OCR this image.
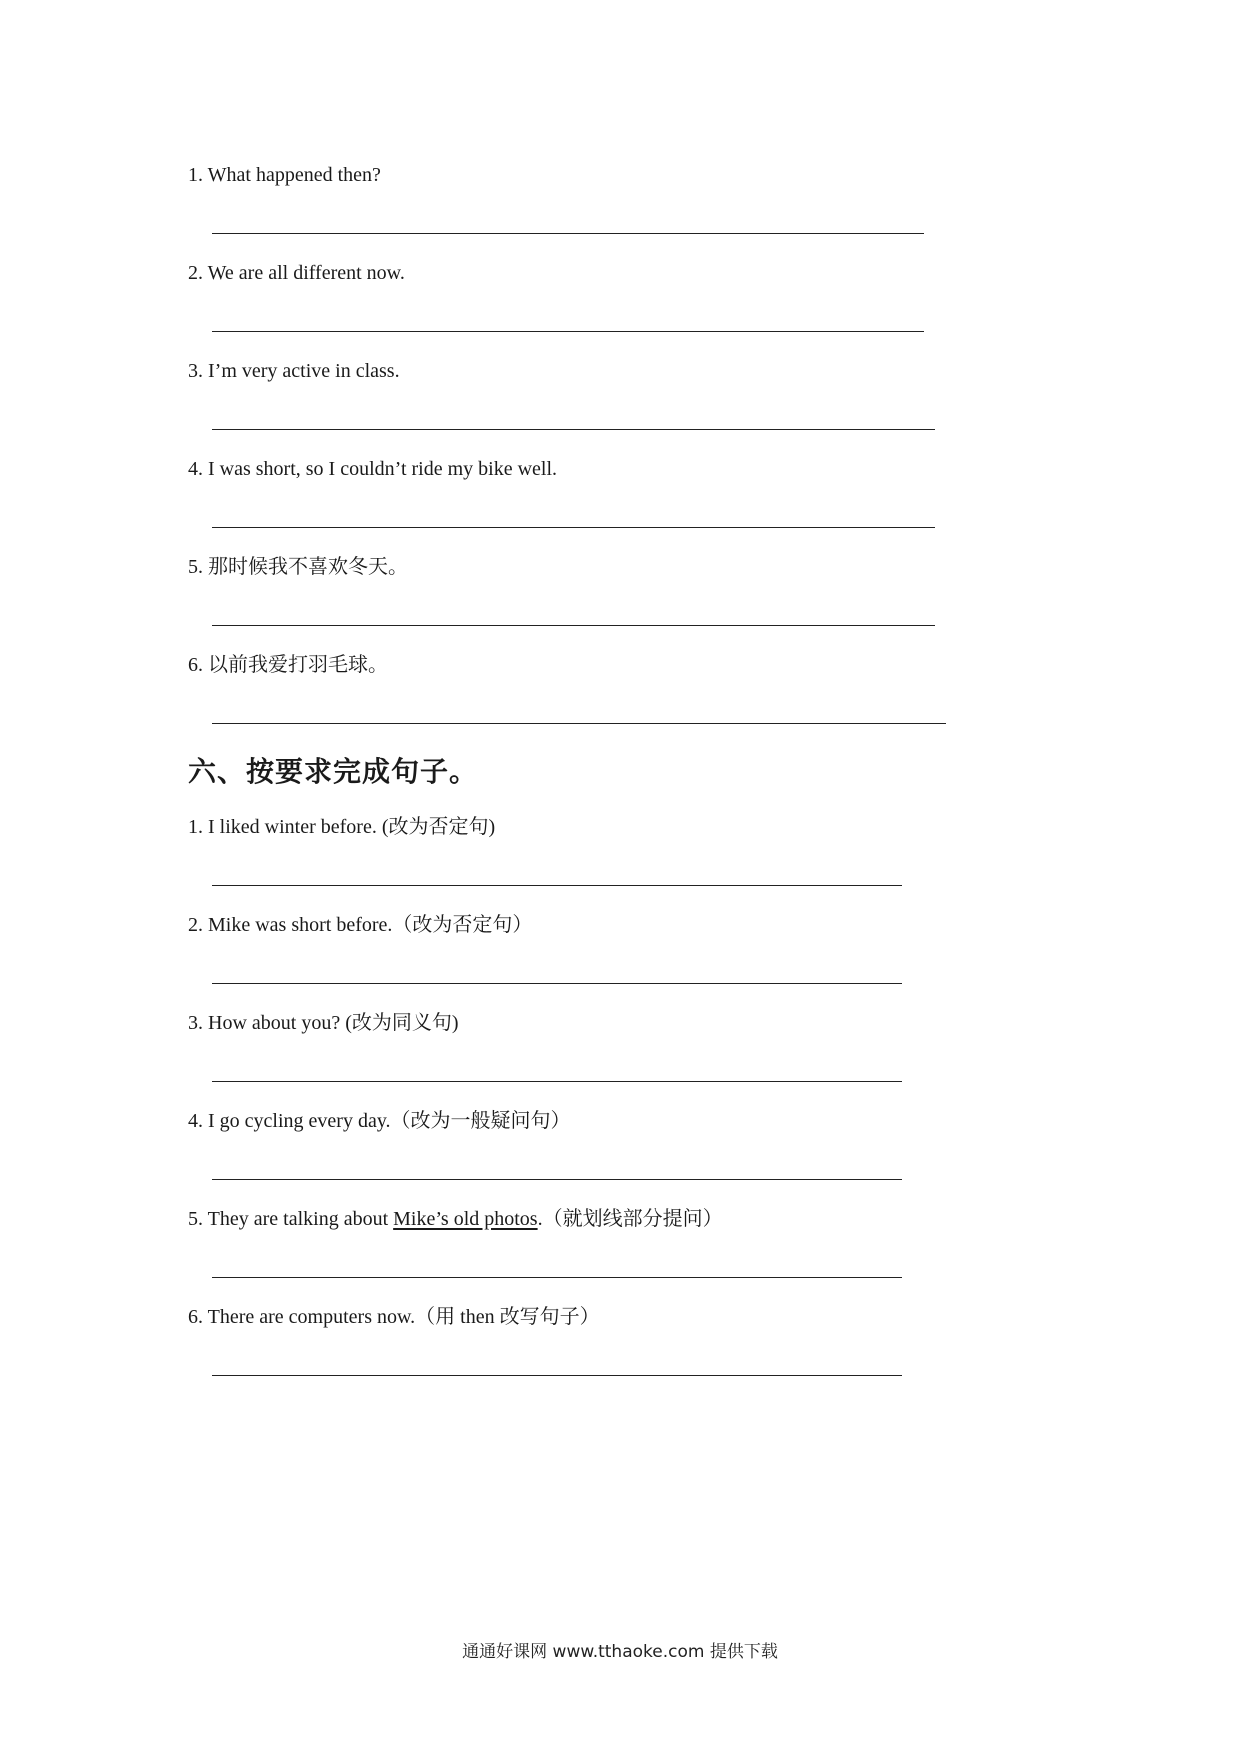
1. What happened then?

2. We are all different now.

3. I’m very active in class.

4. I was short, so I couldn’t ride my bike well.

5. 那时候我不喜欢冬天。

6. 以前我爱打羽毛球。

六、按要求完成句子。

1. I liked winter before. (改为否定句)

2. Mike was short before.（改为否定句）

3. How about you? (改为同义句)

4. I go cycling every day.（改为一般疑问句）

5. They are talking about Mike’s old photos.（就划线部分提问）

6. There are computers now.（用 then 改写句子）

通通好课网 www.tthaoke.com 提供下载
